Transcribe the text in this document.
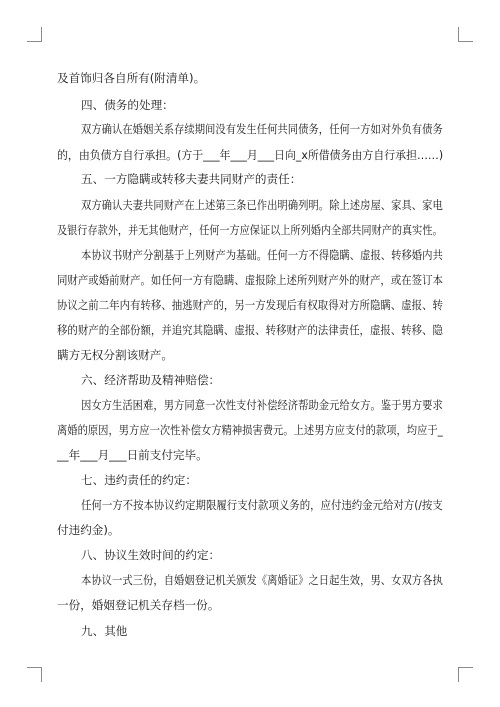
及首饰归各自所有(附清单)。
四、债务的处理：
双方确认在婚姻关系存续期间没有发生任何共同债务，任何一方如对外负有债务
的，由负债方自行承担。(方于___年___月___日向_x所借债务由方自行承担……)
五、一方隐瞒或转移夫妻共同财产的责任：
双方确认夫妻共同财产在上述第三条已作出明确列明。除上述房屋、家具、家电
及银行存款外，并无其他财产，任何一方应保证以上所列婚内全部共同财产的真实性。
本协议书财产分割基于上列财产为基础。任何一方不得隐瞒、虚报、转移婚内共
同财产或婚前财产。如任何一方有隐瞒、虚报除上述所列财产外的财产，或在签订本
协议之前二年内有转移、抽逃财产的，另一方发现后有权取得对方所隐瞒、虚报、转
移的财产的全部份额，并追究其隐瞒、虚报、转移财产的法律责任，虚报、转移、隐
瞒方无权分割该财产。
六、经济帮助及精神赔偿：
因女方生活困难，男方同意一次性支付补偿经济帮助金元给女方。鉴于男方要求
离婚的原因，男方应一次性补偿女方精神损害费元。上述男方应支付的款项，均应于_
__年___月___日前支付完毕。
七、违约责任的约定：
任何一方不按本协议约定期限履行支付款项义务的，应付违约金元给对方(/按支
付违约金)。
八、协议生效时间的约定：
本协议一式三份，自婚姻登记机关颁发《离婚证》之日起生效，男、女双方各执
一份，婚姻登记机关存档一份。
九、其他
